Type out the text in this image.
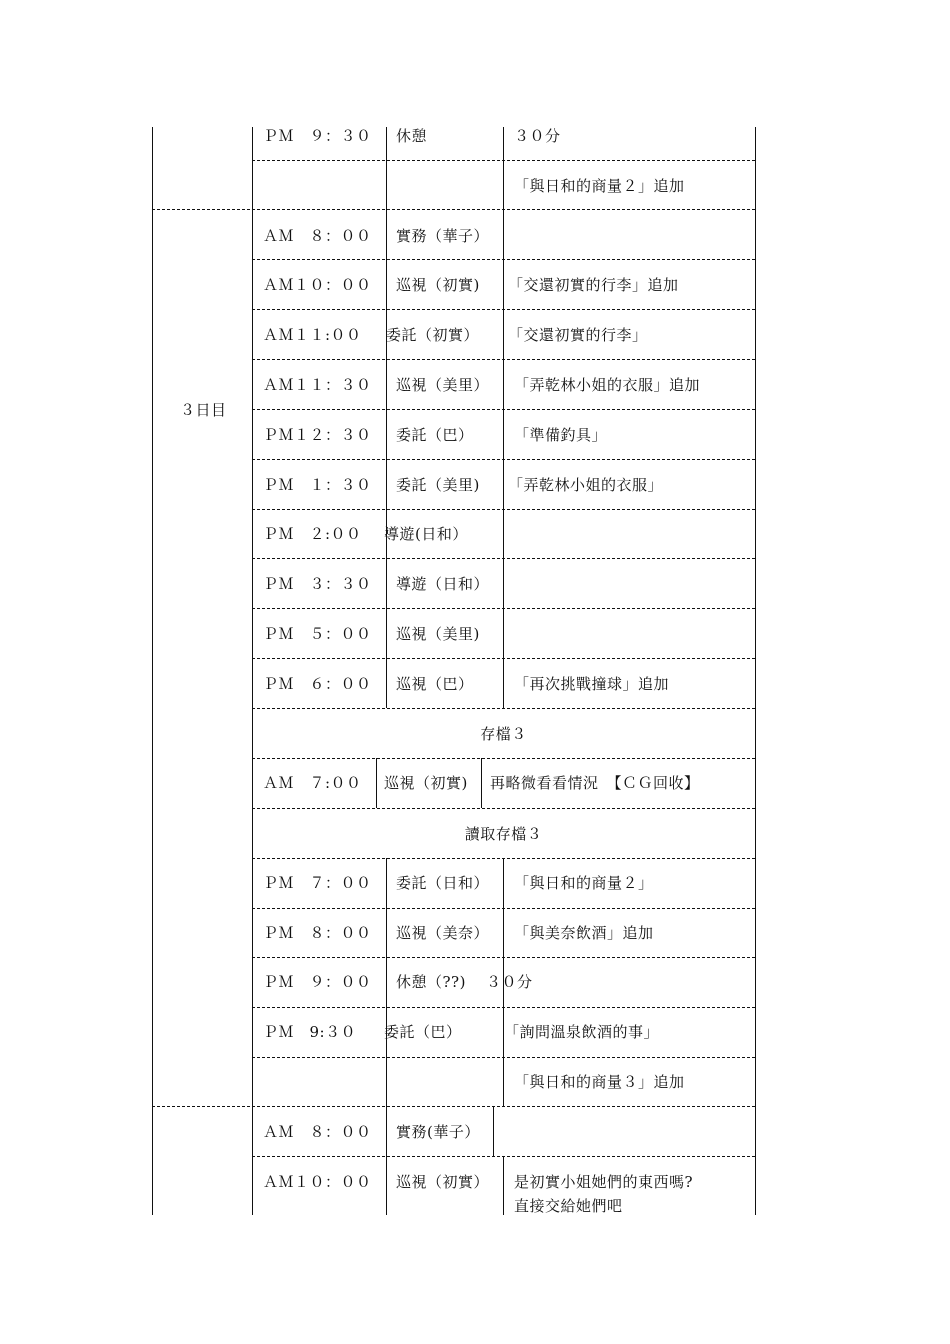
ＰＭ　９：３０ 休憩	３０分
「與日和的商量２」追加
３日目
ＡＭ　８：００ 實務（華子）
ＡＭ１０：００ 巡視（初實) 「交還初實的行李」追加
ＡＭ１１:００ 委託（初實） 「交還初實的行李」
ＡＭ１１：３０ 巡視（美里） 「弄乾林小姐的衣服」追加
ＰＭ１２：３０ 委託（巴）	「準備釣具」
ＰＭ　１：３０ 委託（美里) 「弄乾林小姐的衣服」
ＰＭ　２:００ 導遊(日和）
ＰＭ　３：３０ 導遊（日和）
ＰＭ　５：００ 巡視（美里)
ＰＭ　６：００ 巡視（巴）	「再次挑戰撞球」追加
存檔３
ＡＭ　７:００ 巡視（初實) 再略微看看情況　【ＣＧ回收】
讀取存檔３
ＰＭ　７：００ 委託（日和） 「與日和的商量２」
ＰＭ　８：００ 巡視（美奈） 「與美奈飲酒」追加
ＰＭ　９：００ 休憩（??) ３０分
ＰＭ　9:３０ 委託（巴）	「詢問溫泉飲酒的事」
「與日和的商量３」追加
ＡＭ　８：００ 實務(華子）
ＡＭ１０：００ 巡視（初實） 是初實小姐她們的東西嗎?
直接交給她們吧
